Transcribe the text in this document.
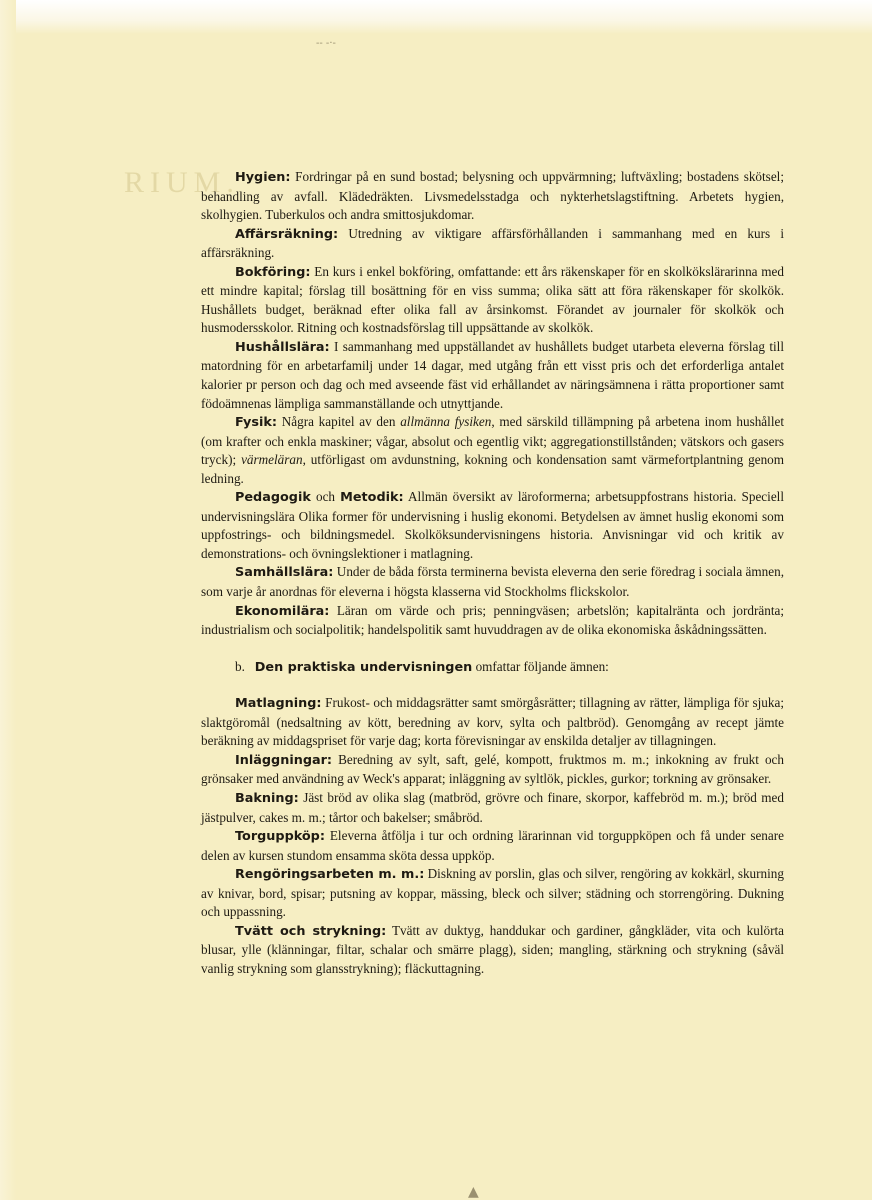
RIUM.
-- -·-
▲

Hygien: Fordringar på en sund bostad; belysning och uppvärmning; luftväxling; bostadens skötsel; behandling av avfall. Klädedräkten. Livsmedelsstadga och nykterhetslagstiftning. Arbetets hygien, skolhygien. Tuberkulos och andra smittosjukdomar.

Affärsräkning: Utredning av viktigare affärsförhållanden i sammanhang med en kurs i affärsräkning.

Bokföring: En kurs i enkel bokföring, omfattande: ett års räkenskaper för en skolkökslärarinna med ett mindre kapital; förslag till bosättning för en viss summa; olika sätt att föra räkenskaper för skolkök. Hushållets budget, beräknad efter olika fall av årsinkomst. Förandet av journaler för skolkök och husmodersskolor. Ritning och kostnadsförslag till uppsättande av skolkök.

Hushållslära: I sammanhang med uppställandet av hushållets budget utarbeta eleverna förslag till matordning för en arbetarfamilj under 14 dagar, med utgång från ett visst pris och det erforderliga antalet kalorier pr person och dag och med avseende fäst vid erhållandet av näringsämnena i rätta proportioner samt födoämnenas lämpliga sammanställande och utnyttjande.

Fysik: Några kapitel av den allmänna fysiken, med särskild tillämpning på arbetena inom hushållet (om krafter och enkla maskiner; vågar, absolut och egentlig vikt; aggregationstillstånden; vätskors och gasers tryck); värmeläran, utförligast om avdunstning, kokning och kondensation samt värmefortplantning genom ledning.

Pedagogik och Metodik: Allmän översikt av läroformerna; arbetsuppfostrans historia. Speciell undervisningslära Olika former för undervisning i huslig ekonomi. Betydelsen av ämnet huslig ekonomi som uppfostrings- och bildningsmedel. Skolköksundervisningens historia. Anvisningar vid och kritik av demonstrations- och övningslektioner i matlagning.

Samhällslära: Under de båda första terminerna bevista eleverna den serie föredrag i sociala ämnen, som varje år anordnas för eleverna i högsta klasserna vid Stockholms flickskolor.

Ekonomilära: Läran om värde och pris; penningväsen; arbetslön; kapitalränta och jordränta; industrialism och socialpolitik; handelspolitik samt huvuddragen av de olika ekonomiska åskådningssätten.

b. Den praktiska undervisningen omfattar följande ämnen:

Matlagning: Frukost- och middagsrätter samt smörgåsrätter; tillagning av rätter, lämpliga för sjuka; slaktgöromål (nedsaltning av kött, beredning av korv, sylta och paltbröd). Genomgång av recept jämte beräkning av middagspriset för varje dag; korta förevisningar av enskilda detaljer av tillagningen.

Inläggningar: Beredning av sylt, saft, gelé, kompott, fruktmos m. m.; inkokning av frukt och grönsaker med användning av Weck's apparat; inläggning av syltlök, pickles, gurkor; torkning av grönsaker.

Bakning: Jäst bröd av olika slag (matbröd, grövre och finare, skorpor, kaffebröd m. m.); bröd med jästpulver, cakes m. m.; tårtor och bakelser; småbröd.

Torguppköp: Eleverna åtfölja i tur och ordning lärarinnan vid torguppköpen och få under senare delen av kursen stundom ensamma sköta dessa uppköp.

Rengöringsarbeten m. m.: Diskning av porslin, glas och silver, rengöring av kokkärl, skurning av knivar, bord, spisar; putsning av koppar, mässing, bleck och silver; städning och storrengöring. Dukning och uppassning.

Tvätt och strykning: Tvätt av duktyg, handdukar och gardiner, gångkläder, vita och kulörta blusar, ylle (klänningar, filtar, schalar och smärre plagg), siden; mangling, stärkning och strykning (såväl vanlig strykning som glansstrykning); fläckuttagning.
